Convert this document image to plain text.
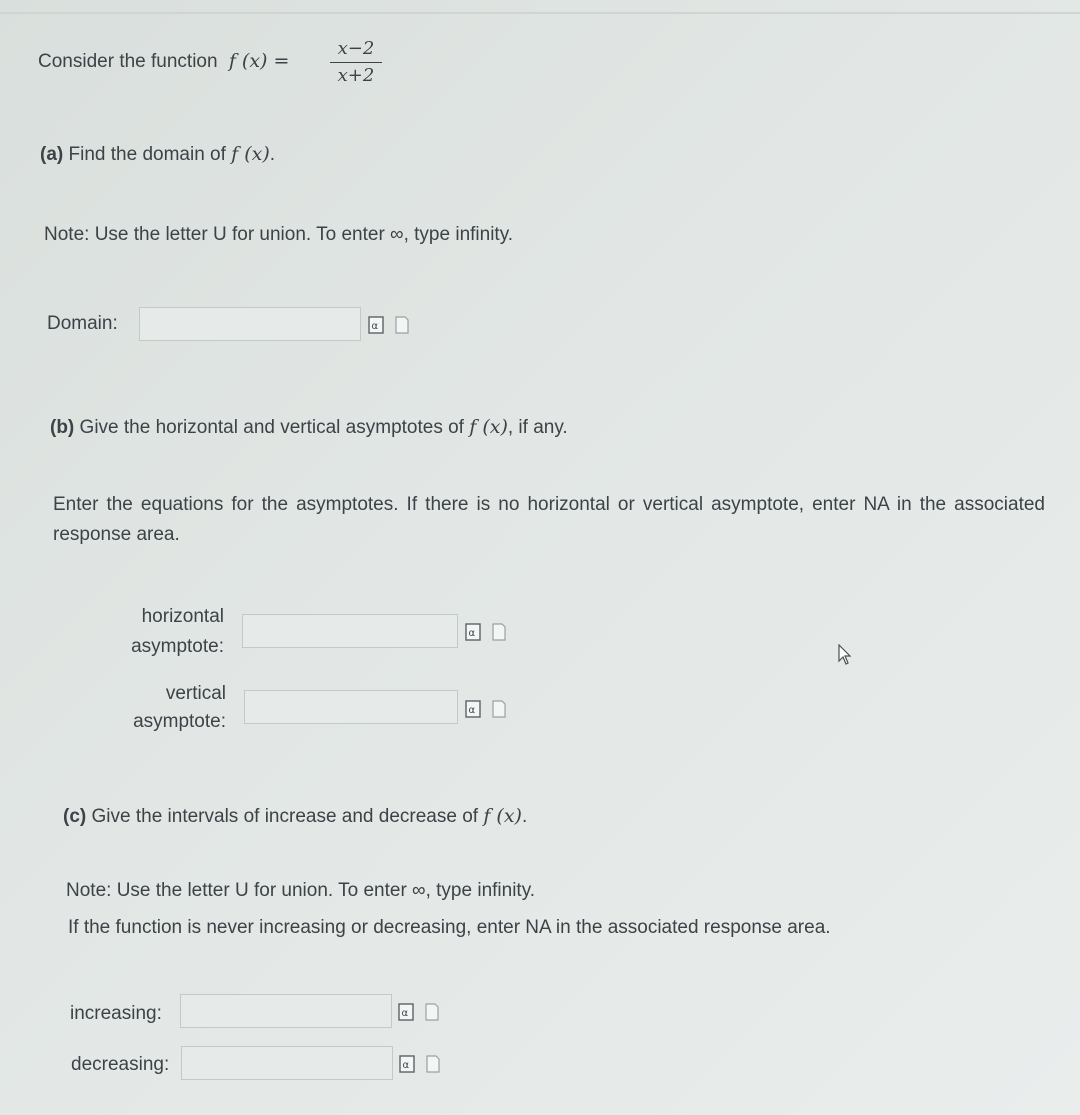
Consider the function f (x) =
x−2
x+2
(a) Find the domain of f (x).
Note: Use the letter U for union. To enter ∞, type infinity.
Domain:	α
(b) Give the horizontal and vertical asymptotes of f (x), if any.
Enter the equations for the asymptotes. If there is no horizontal or vertical asymptote, enter NA in the associated response area.
horizontal
asymptote:
α
vertical
asymptote:
α
(c) Give the intervals of increase and decrease of f (x).
Note: Use the letter U for union. To enter ∞, type infinity.
If the function is never increasing or decreasing, enter NA in the associated response area.
increasing:	α
decreasing:	α
